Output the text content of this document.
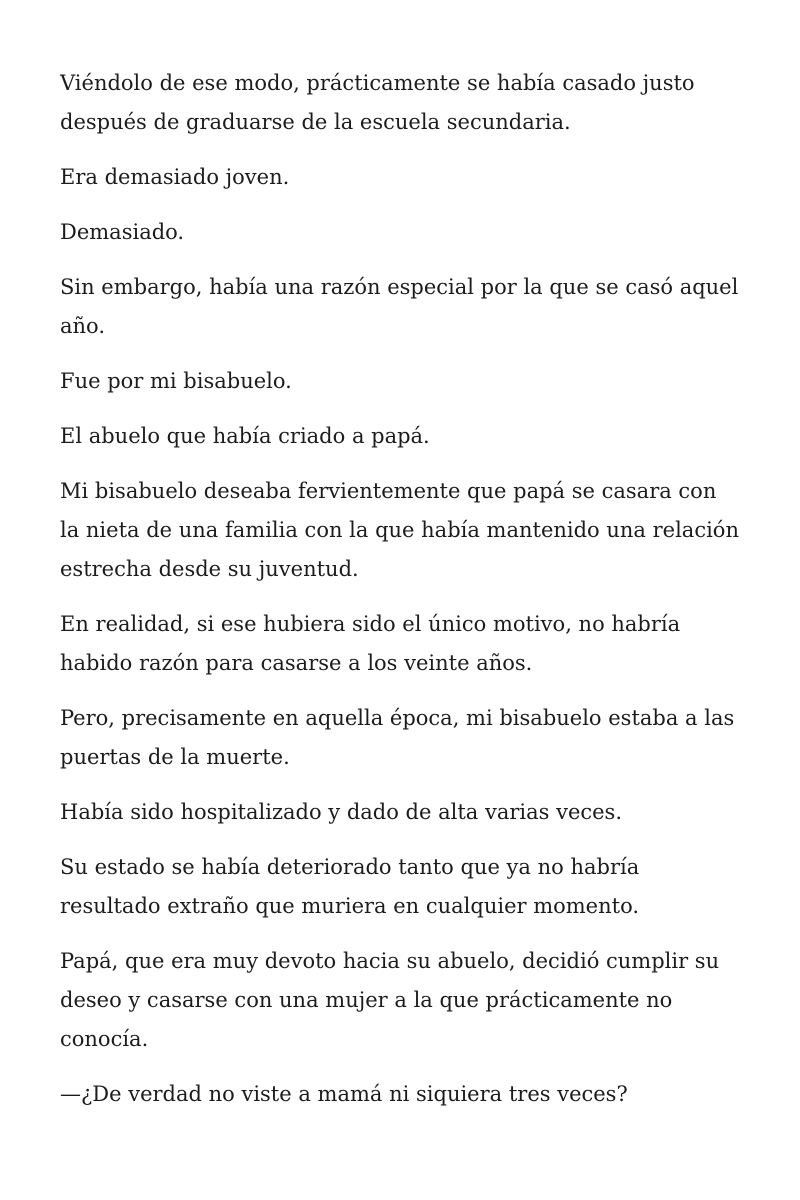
Viéndolo de ese modo, prácticamente se había casado justo después de graduarse de la escuela secundaria.

Era demasiado joven.

Demasiado.

Sin embargo, había una razón especial por la que se casó aquel año.

Fue por mi bisabuelo.

El abuelo que había criado a papá.

Mi bisabuelo deseaba fervientemente que papá se casara con la nieta de una familia con la que había mantenido una relación estrecha desde su juventud.

En realidad, si ese hubiera sido el único motivo, no habría habido razón para casarse a los veinte años.

Pero, precisamente en aquella época, mi bisabuelo estaba a las puertas de la muerte.

Había sido hospitalizado y dado de alta varias veces.

Su estado se había deteriorado tanto que ya no habría resultado extraño que muriera en cualquier momento.

Papá, que era muy devoto hacia su abuelo, decidió cumplir su deseo y casarse con una mujer a la que prácticamente no conocía.

—¿De verdad no viste a mamá ni siquiera tres veces?
